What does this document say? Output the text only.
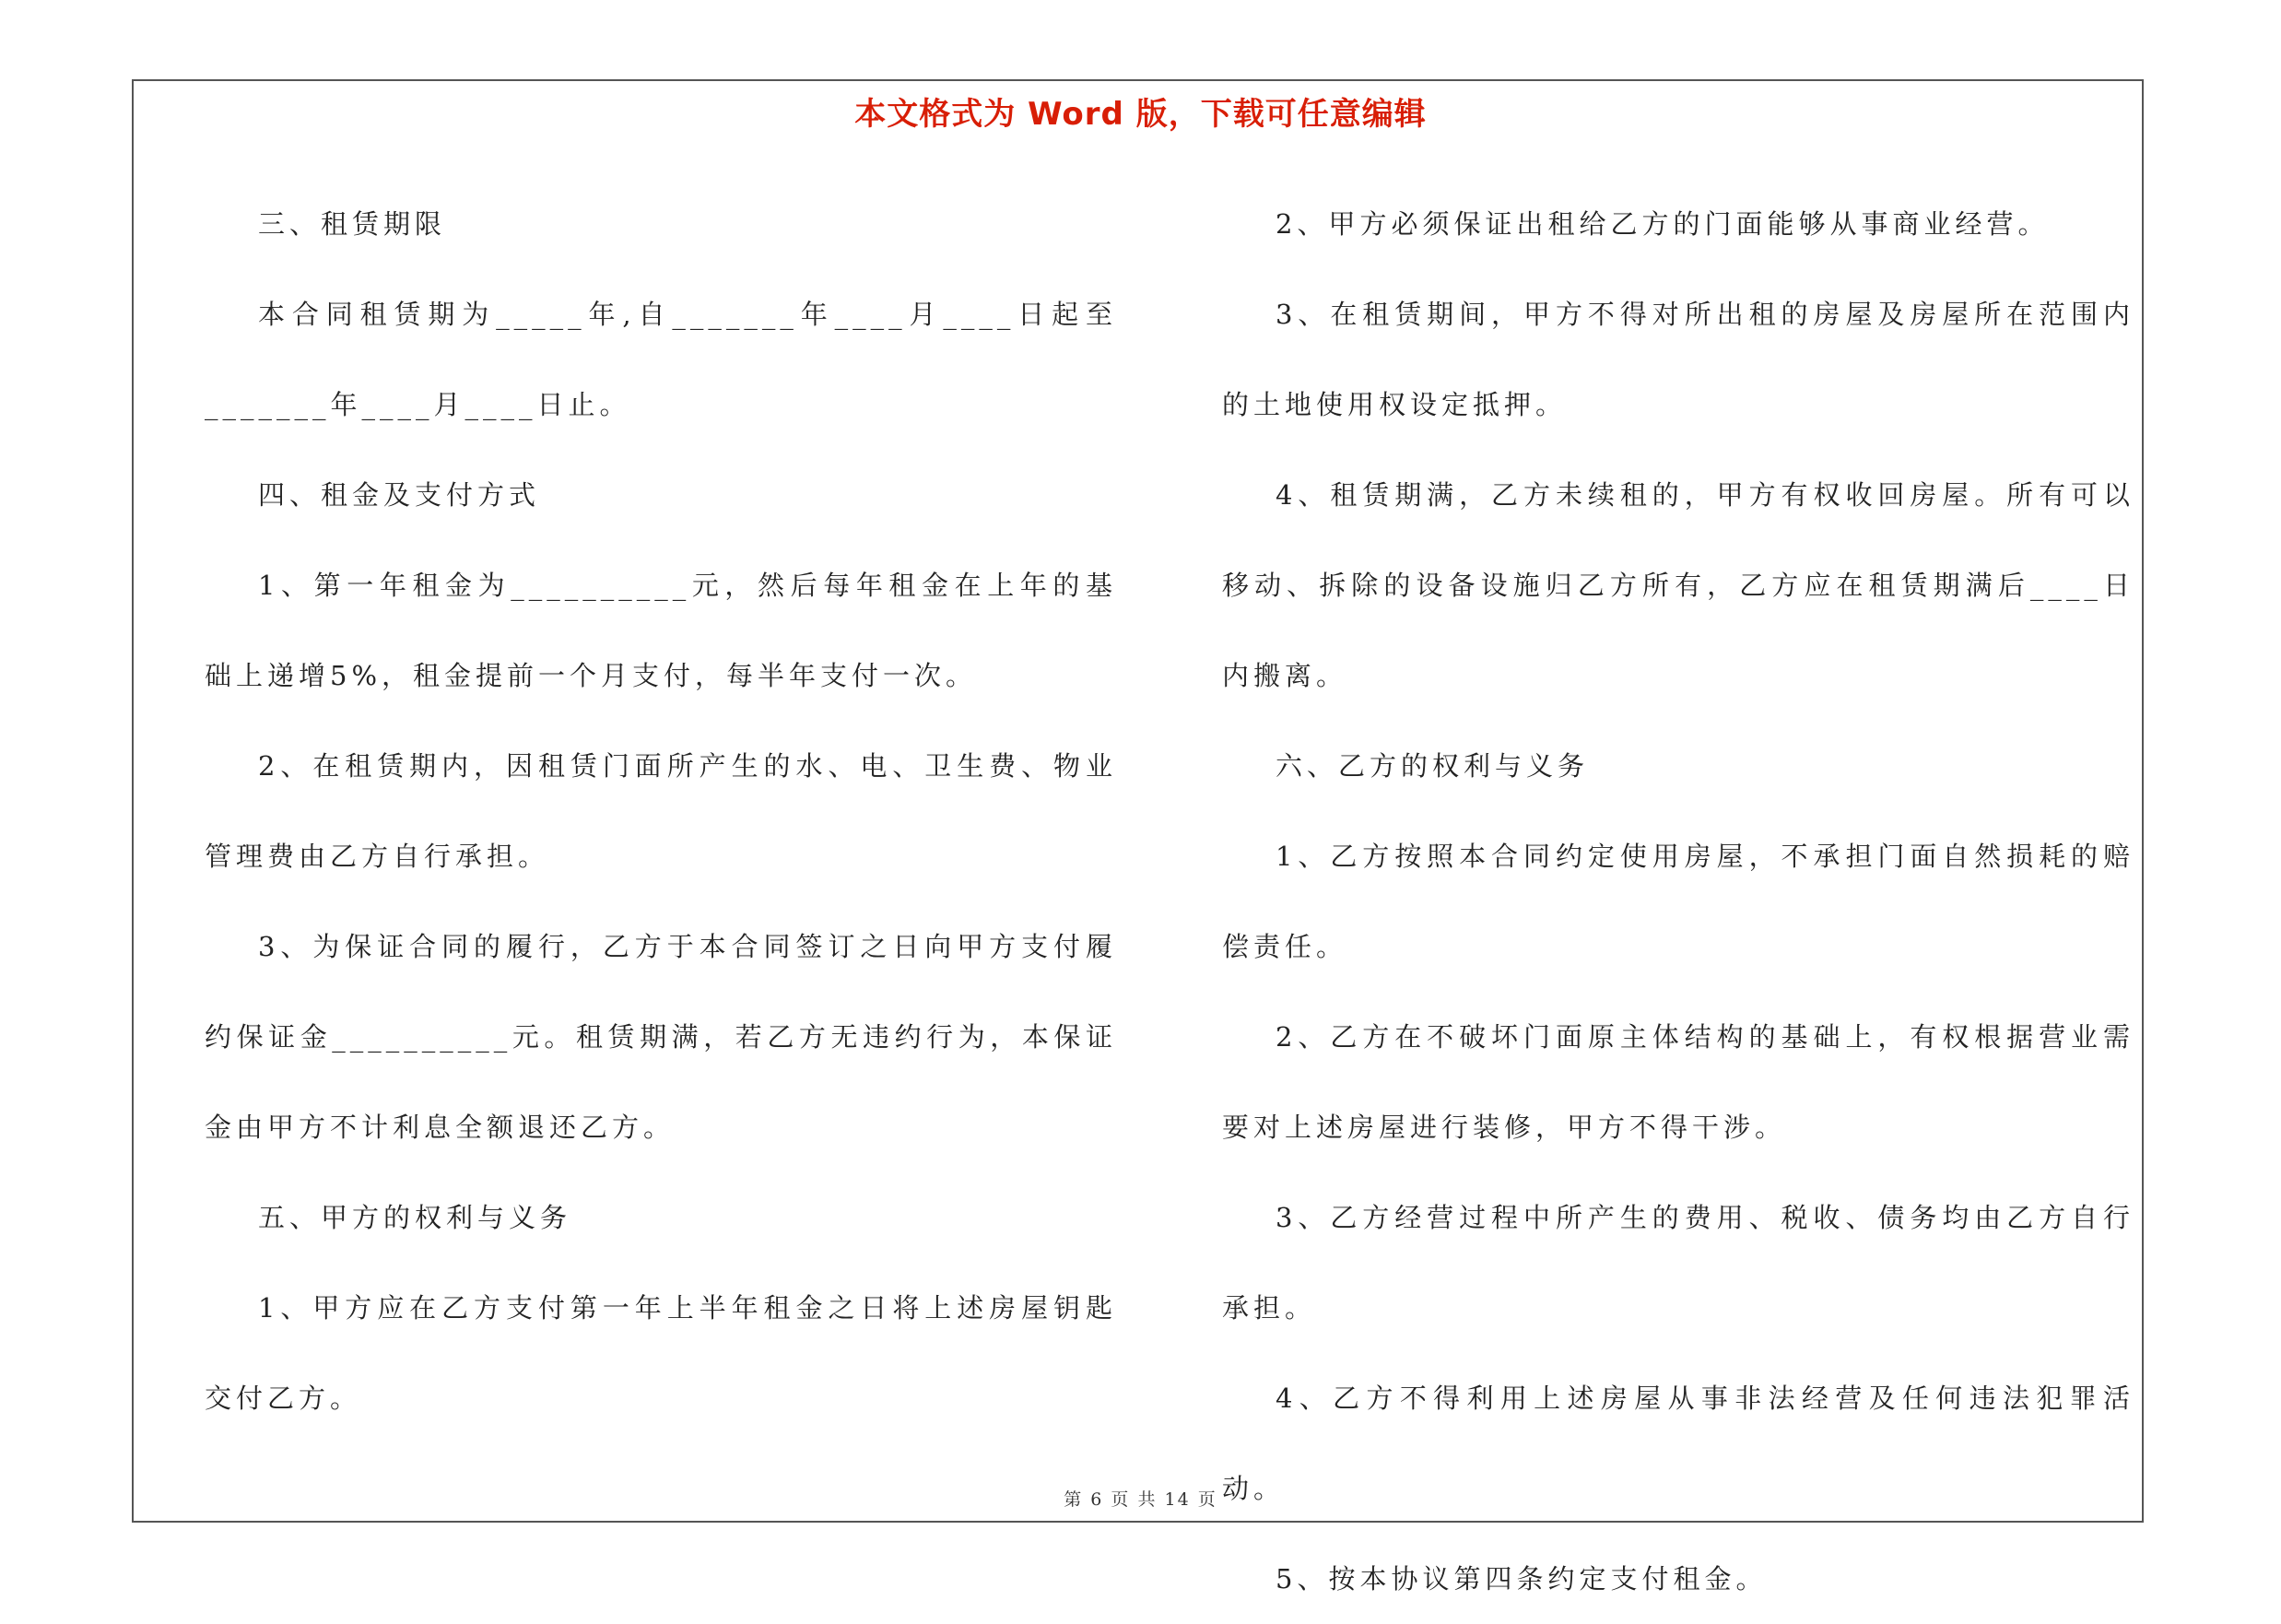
本文格式为 Word 版，下载可任意编辑

三、租赁期限

本合同租赁期为_____年,自_______年____月____日起至_______年____月____日止。

四、租金及支付方式

1、第一年租金为__________元，然后每年租金在上年的基础上递增5%，租金提前一个月支付，每半年支付一次。

2、在租赁期内，因租赁门面所产生的水、电、卫生费、物业管理费由乙方自行承担。

3、为保证合同的履行，乙方于本合同签订之日向甲方支付履约保证金__________元。租赁期满，若乙方无违约行为，本保证金由甲方不计利息全额退还乙方。

五、甲方的权利与义务

1、甲方应在乙方支付第一年上半年租金之日将上述房屋钥匙交付乙方。

2、甲方必须保证出租给乙方的门面能够从事商业经营。

3、在租赁期间，甲方不得对所出租的房屋及房屋所在范围内的土地使用权设定抵押。

4、租赁期满，乙方未续租的，甲方有权收回房屋。所有可以移动、拆除的设备设施归乙方所有，乙方应在租赁期满后____日内搬离。

六、乙方的权利与义务

1、乙方按照本合同约定使用房屋，不承担门面自然损耗的赔偿责任。

2、乙方在不破坏门面原主体结构的基础上，有权根据营业需要对上述房屋进行装修，甲方不得干涉。

3、乙方经营过程中所产生的费用、税收、债务均由乙方自行承担。

4、乙方不得利用上述房屋从事非法经营及任何违法犯罪活动。

5、按本协议第四条约定支付租金。

第 6 页 共 14 页
